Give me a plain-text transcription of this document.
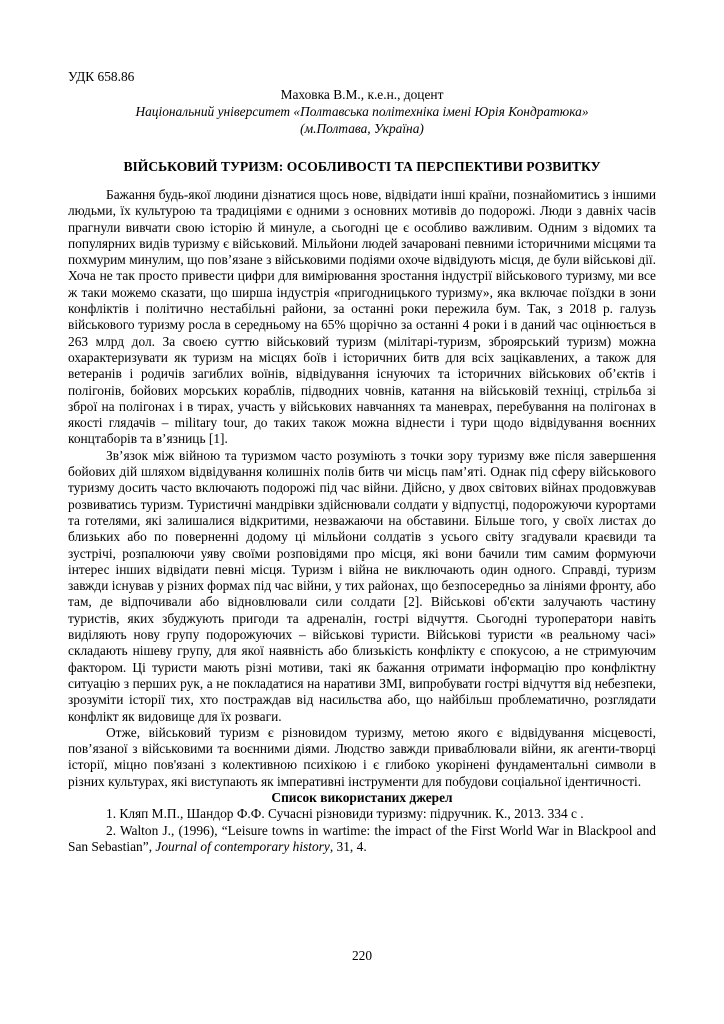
УДК 658.86

Маховка В.М., к.е.н., доцент

Національний університет «Полтавська політехніка імені Юрія Кондратюка»

(м.Полтава, Україна)

ВІЙСЬКОВИЙ ТУРИЗМ: ОСОБЛИВОСТІ ТА ПЕРСПЕКТИВИ РОЗВИТКУ

Бажання будь-якої людини дізнатися щось нове, відвідати інші країни, познайомитись з іншими людьми, їх культурою та традиціями є одними з основних мотивів до подорожі. Люди з давніх часів прагнули вивчати свою історію й минуле, а сьогодні це є особливо важливим. Одним з відомих та популярних видів туризму є військовий. Мільйони людей зачаровані певними історичними місцями та похмурим минулим, що пов’язане з військовими подіями охоче відвідують місця, де були військові дії. Хоча не так просто привести цифри для вимірювання зростання індустрії військового туризму, ми все ж таки можемо сказати, що ширша індустрія «пригодницького туризму», яка включає поїздки в зони конфліктів і політично нестабільні райони, за останні роки пережила бум. Так, з 2018 р. галузь військового туризму росла в середньому на 65% щорічно за останні 4 роки і в даний час оцінюється в 263 млрд дол. За своєю суттю військовий туризм (мілітарі-туризм, зброярський туризм) можна охарактеризувати як туризм на місцях боїв і історичних битв для всіх зацікавлених, а також для ветеранів і родичів загиблих воїнів, відвідування існуючих та історичних військових об’єктів і полігонів, бойових морських кораблів, підводних човнів, катання на військовій техніці, стрільба зі зброї на полігонах і в тирах, участь у військових навчаннях та маневрах, перебування на полігонах в якості глядачів – military tour, до таких також можна віднести і тури щодо відвідування воєнних концтаборів та в’язниць [1].

Зв’язок між війною та туризмом часто розуміють з точки зору туризму вже після завершення бойових дій шляхом відвідування колишніх полів битв чи місць пам’яті. Однак під сферу військового туризму досить часто включають подорожі під час війни. Дійсно, у двох світових війнах продовжував розвиватись туризм. Туристичні мандрівки здійснювали солдати у відпустці, подорожуючи курортами та готелями, які залишалися відкритими, незважаючи на обставини. Більше того, у своїх листах до близьких або по поверненні додому ці мільйони солдатів з усього світу згадували краєвиди та зустрічі, розпалюючи уяву своїми розповідями про місця, які вони бачили тим самим формуючи інтерес інших відвідати певні місця. Туризм і війна не виключають один одного. Справді, туризм завжди існував у різних формах під час війни, у тих районах, що безпосередньо за лініями фронту, або там, де відпочивали або відновлювали сили солдати [2]. Військові об'єкти залучають частину туристів, яких збуджують пригоди та адреналін, гострі відчуття. Сьогодні туроператори навіть виділяють нову групу подорожуючих – військові туристи. Військові туристи «в реальному часі» складають нішеву групу, для якої наявність або близькість конфлікту є спокусою, а не стримуючим фактором. Ці туристи мають різні мотиви, такі як бажання отримати інформацію про конфліктну ситуацію з перших рук, а не покладатися на наративи ЗМІ, випробувати гострі відчуття від небезпеки, зрозуміти історії тих, хто постраждав від насильства або, що найбільш проблематично, розглядати конфлікт як видовище для їх розваги.

Отже, військовий туризм є різновидом туризму, метою якого є відвідування місцевості, пов’язаної з військовими та воєнними діями. Людство завжди приваблювали війни, як агенти-творці історії, міцно пов'язані з колективною психікою і є глибоко укорінені фундаментальні символи в різних культурах, які виступають як імперативні інструменти для побудови соціальної ідентичності.

Список використаних джерел

1. Кляп М.П., Шандор Ф.Ф. Сучасні різновиди туризму: підручник. К., 2013. 334 с .

2. Walton J., (1996), “Leisure towns in wartime: the impact of the First World War in Blackpool and San Sebastian”, Journal of contemporary history, 31, 4.

220
